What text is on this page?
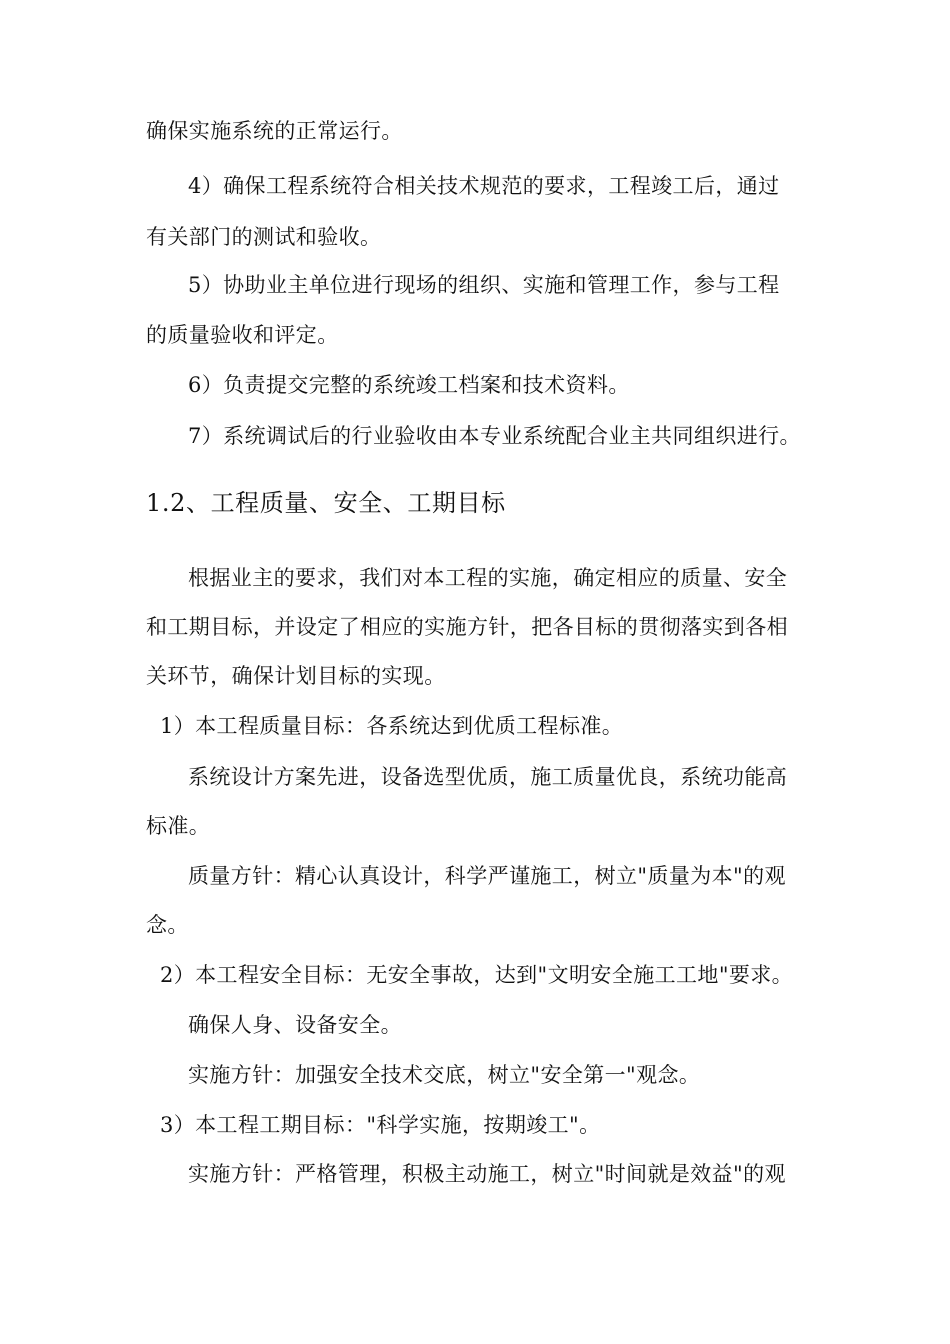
确保实施系统的正常运行。
4）确保工程系统符合相关技术规范的要求，工程竣工后，通过
有关部门的测试和验收。
5）协助业主单位进行现场的组织、实施和管理工作，参与工程
的质量验收和评定。
6）负责提交完整的系统竣工档案和技术资料。
7）系统调试后的行业验收由本专业系统配合业主共同组织进行。
1.2、工程质量、安全、工期目标
根据业主的要求，我们对本工程的实施，确定相应的质量、安全
和工期目标，并设定了相应的实施方针，把各目标的贯彻落实到各相
关环节，确保计划目标的实现。
1）本工程质量目标：各系统达到优质工程标准。
系统设计方案先进，设备选型优质，施工质量优良，系统功能高
标准。
质量方针：精心认真设计，科学严谨施工，树立"质量为本"的观
念。
2）本工程安全目标：无安全事故，达到"文明安全施工工地"要求。
确保人身、设备安全。
实施方针：加强安全技术交底，树立"安全第一"观念。
3）本工程工期目标："科学实施，按期竣工"。
实施方针：严格管理，积极主动施工，树立"时间就是效益"的观
